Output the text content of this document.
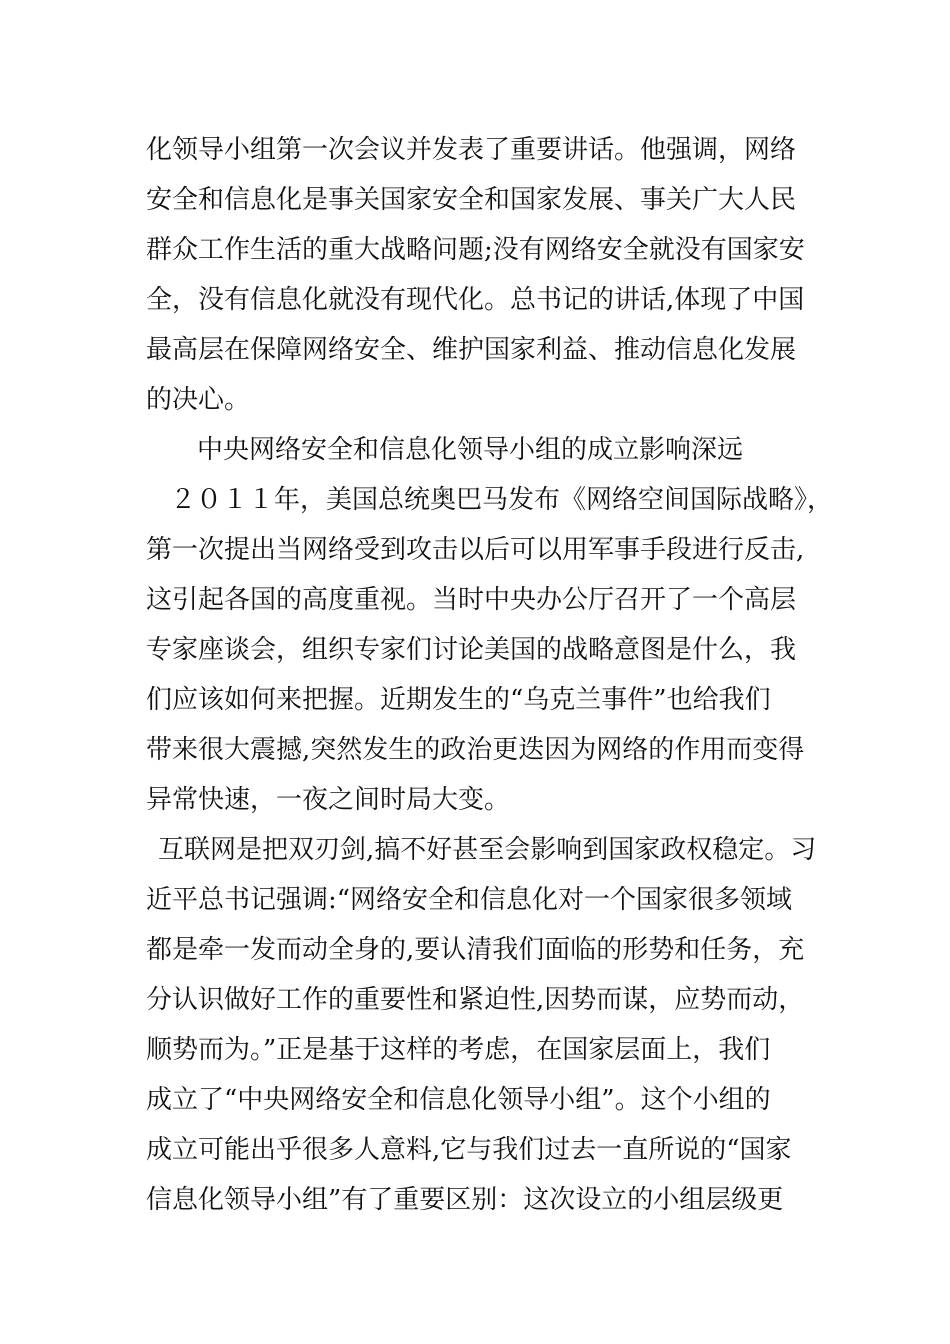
化领导小组第一次会议并发表了重要讲话。他强调，网络

安全和信息化是事关国家安全和国家发展、事关广大人民

群众工作生活的重大战略问题;没有网络安全就没有国家安

全，没有信息化就没有现代化。总书记的讲话,体现了中国

最高层在保障网络安全、维护国家利益、推动信息化发展

的决心。

中央网络安全和信息化领导小组的成立影响深远

２０１１年，美国总统奥巴马发布《网络空间国际战略》，

第一次提出当网络受到攻击以后可以用军事手段进行反击,

这引起各国的高度重视。当时中央办公厅召开了一个高层

专家座谈会，组织专家们讨论美国的战略意图是什么，我

们应该如何来把握。近期发生的“乌克兰事件”也给我们

带来很大震撼,突然发生的政治更迭因为网络的作用而变得

异常快速，一夜之间时局大变。

互联网是把双刃剑,搞不好甚至会影响到国家政权稳定。习

近平总书记强调:“网络安全和信息化对一个国家很多领域

都是牵一发而动全身的,要认清我们面临的形势和任务，充

分认识做好工作的重要性和紧迫性,因势而谋，应势而动，

顺势而为。”正是基于这样的考虑，在国家层面上，我们

成立了“中央网络安全和信息化领导小组”。这个小组的

成立可能出乎很多人意料,它与我们过去一直所说的“国家

信息化领导小组”有了重要区别：这次设立的小组层级更
